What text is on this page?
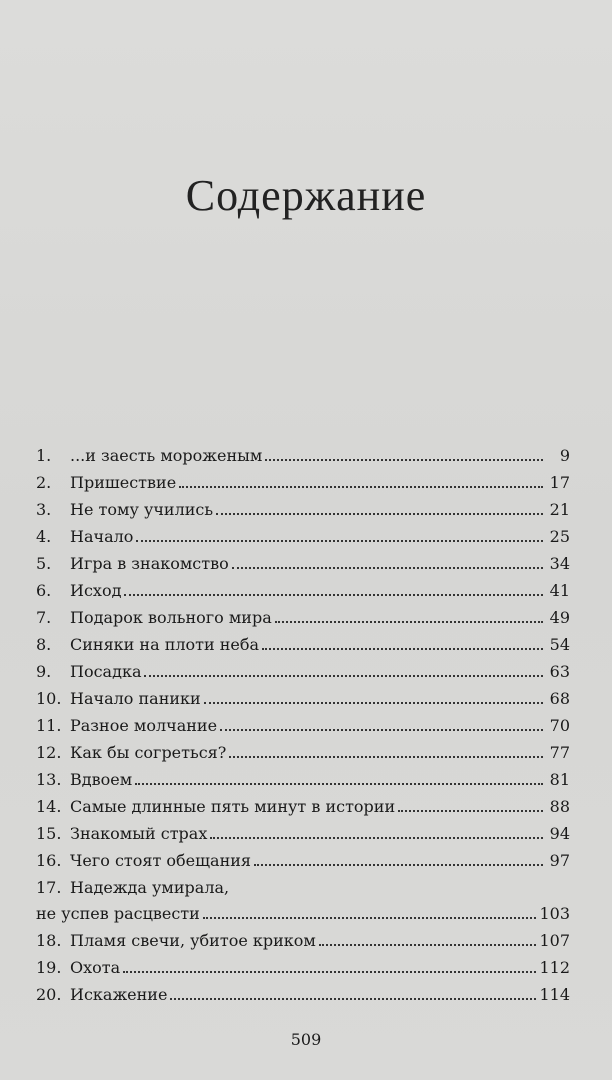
Содержание
1.	...и заесть мороженым	9
2.	Пришествие	17
3.	Не тому учились	21
4.	Начало	25
5.	Игра в знакомство	34
6.	Исход	41
7.	Подарок вольного мира	49
8.	Синяки на плоти неба	54
9.	Посадка	63
10. Начало паники	68
11. Разное молчание	70
12. Как бы согреться?	77
13. Вдвоем	81
14. Самые длинные пять минут в истории	88
15. Знакомый страх	94
16. Чего стоят обещания	97
17. Надежда умирала,
не успев расцвести	103
18. Пламя свечи, убитое криком	107
19. Охота	112
20. Искажение	114
509
